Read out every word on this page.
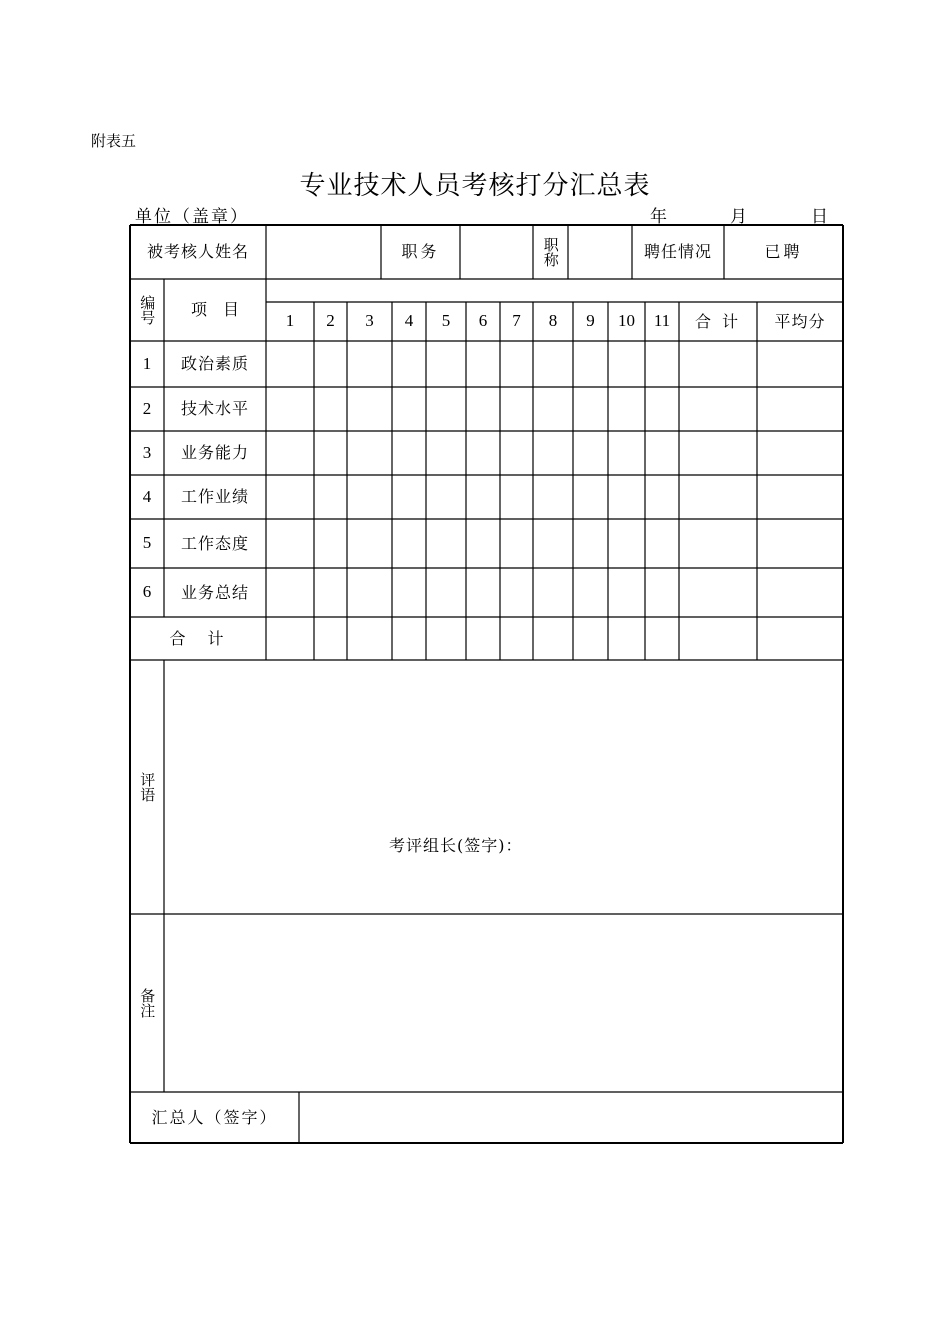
附表五
专业技术人员考核打分汇总表
单位（盖章）	年	月	日
被考核人姓名	职务	职称	聘任情况	已聘
编号	项　目
1	2	3	4	5	6	7	8	9	10	11	合 计	平均分
1	政治素质
2	技术水平
3	业务能力
4	工作业绩
5	工作态度
6	业务总结
合　计
评语
考评组长(签字)：
备注
汇总人（签字）
